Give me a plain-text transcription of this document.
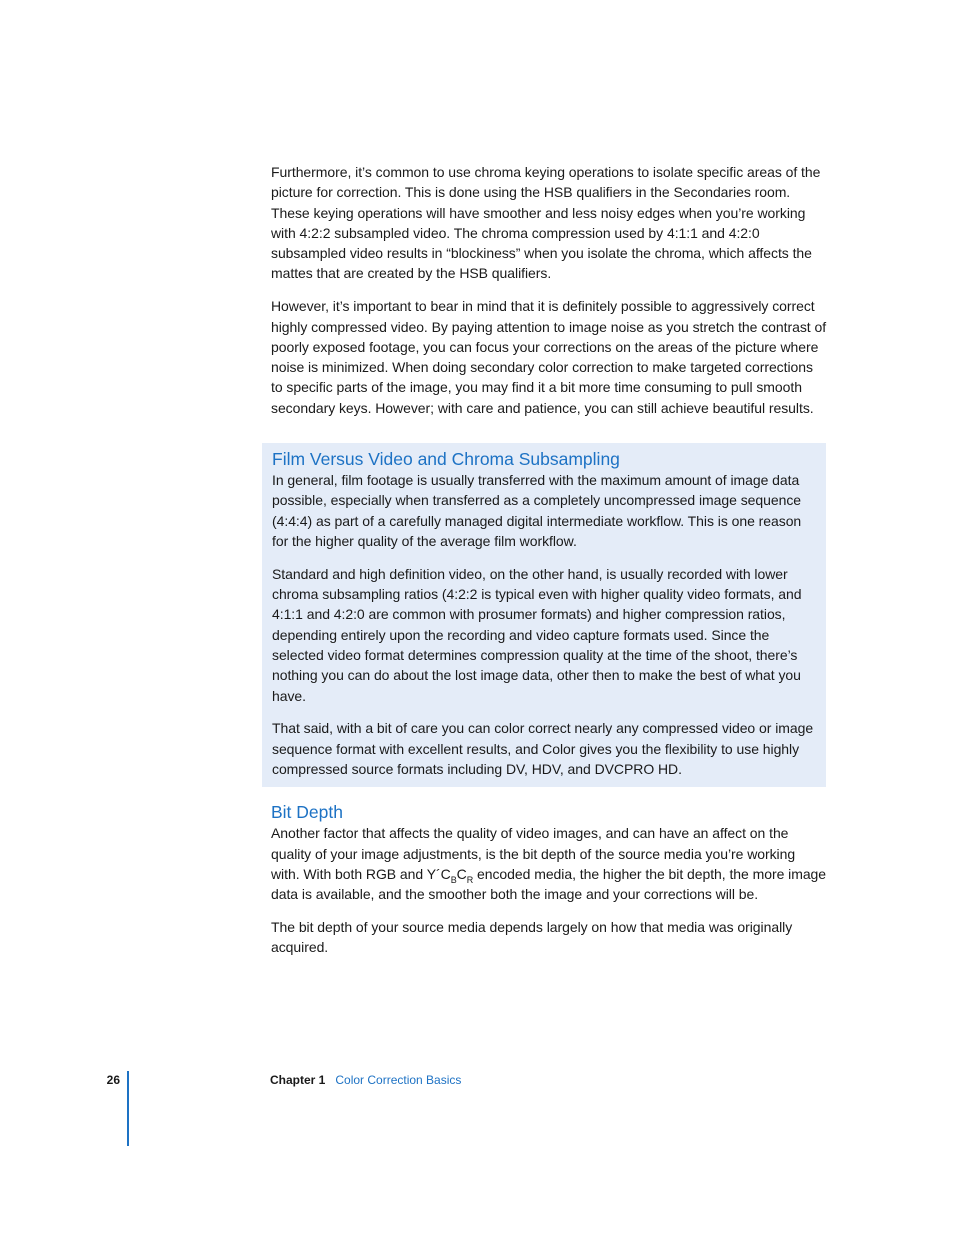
Furthermore, it’s common to use chroma keying operations to isolate specific areas of the picture for correction. This is done using the HSB qualifiers in the Secondaries room. These keying operations will have smoother and less noisy edges when you’re working with 4:2:2 subsampled video. The chroma compression used by 4:1:1 and 4:2:0 subsampled video results in “blockiness” when you isolate the chroma, which affects the mattes that are created by the HSB qualifiers.

However, it’s important to bear in mind that it is definitely possible to aggressively correct highly compressed video. By paying attention to image noise as you stretch the contrast of poorly exposed footage, you can focus your corrections on the areas of the picture where noise is minimized. When doing secondary color correction to make targeted corrections to specific parts of the image, you may find it a bit more time consuming to pull smooth secondary keys. However; with care and patience, you can still achieve beautiful results.

Film Versus Video and Chroma Subsampling

In general, film footage is usually transferred with the maximum amount of image data possible, especially when transferred as a completely uncompressed image sequence (4:4:4) as part of a carefully managed digital intermediate workflow. This is one reason for the higher quality of the average film workflow.

Standard and high definition video, on the other hand, is usually recorded with lower chroma subsampling ratios (4:2:2 is typical even with higher quality video formats, and 4:1:1 and 4:2:0 are common with prosumer formats) and higher compression ratios, depending entirely upon the recording and video capture formats used. Since the selected video format determines compression quality at the time of the shoot, there’s nothing you can do about the lost image data, other then to make the best of what you have.

That said, with a bit of care you can color correct nearly any compressed video or image sequence format with excellent results, and Color gives you the flexibility to use highly compressed source formats including DV, HDV, and DVCPRO HD.

Bit Depth

Another factor that affects the quality of video images, and can have an affect on the quality of your image adjustments, is the bit depth of the source media you’re working with. With both RGB and $Y´C_BC_R$ encoded media, the higher the bit depth, the more image data is available, and the smoother both the image and your corrections will be.

The bit depth of your source media depends largely on how that media was originally acquired.

26	Chapter 1 Color Correction Basics
